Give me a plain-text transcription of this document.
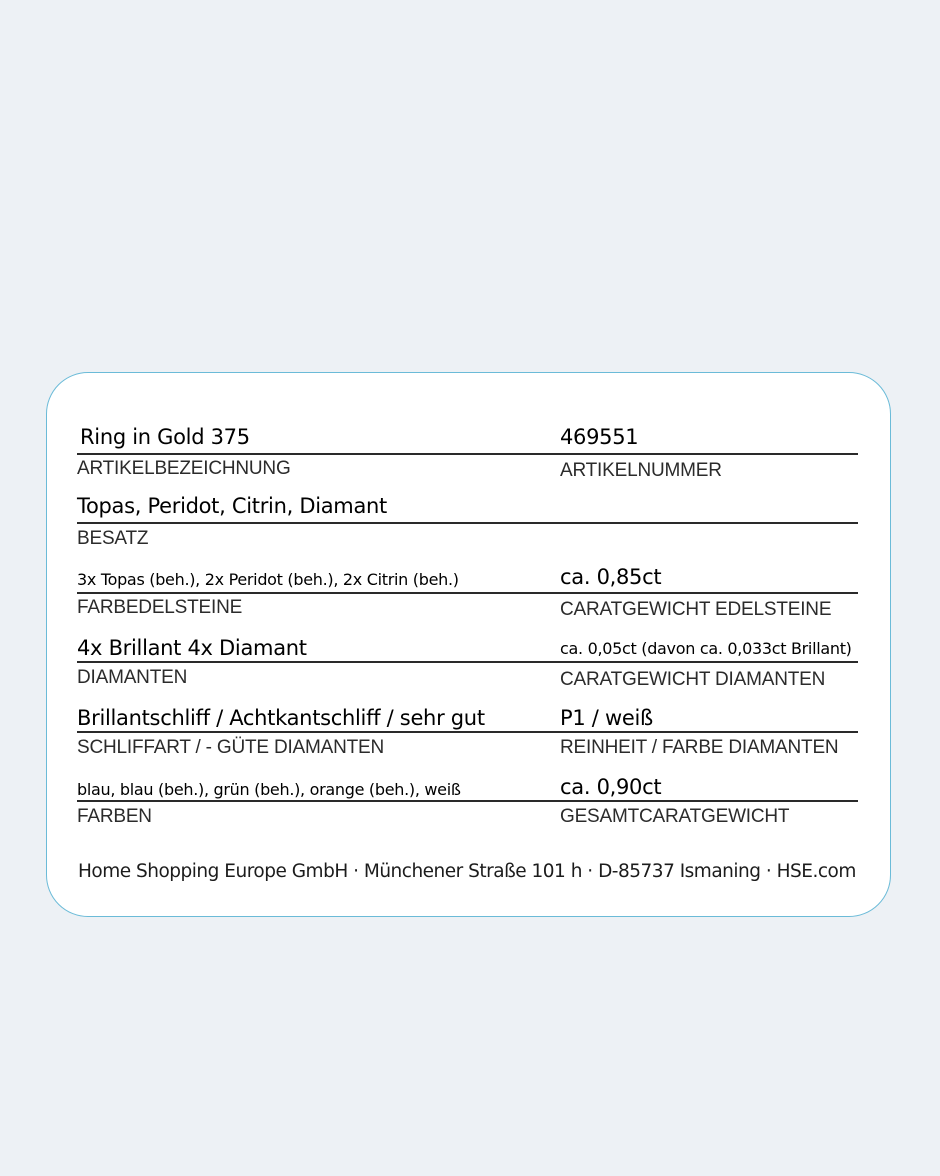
Ring in Gold 375	469551
ARTIKELBEZEICHNUNG	ARTIKELNUMMER
Topas, Peridot, Citrin, Diamant
BESATZ
3x Topas (beh.), 2x Peridot (beh.), 2x Citrin (beh.)	ca. 0,85ct
FARBEDELSTEINE	CARATGEWICHT EDELSTEINE
4x Brillant 4x Diamant	ca. 0,05ct (davon ca. 0,033ct Brillant)
DIAMANTEN	CARATGEWICHT DIAMANTEN
Brillantschliff / Achtkantschliff / sehr gut	P1 / weiß
SCHLIFFART / - GÜTE DIAMANTEN	REINHEIT / FARBE DIAMANTEN
blau, blau (beh.), grün (beh.), orange (beh.), weiß	ca. 0,90ct
FARBEN	GESAMTCARATGEWICHT
Home Shopping Europe GmbH · Münchener Straße 101 h · D-85737 Ismaning · HSE.com
